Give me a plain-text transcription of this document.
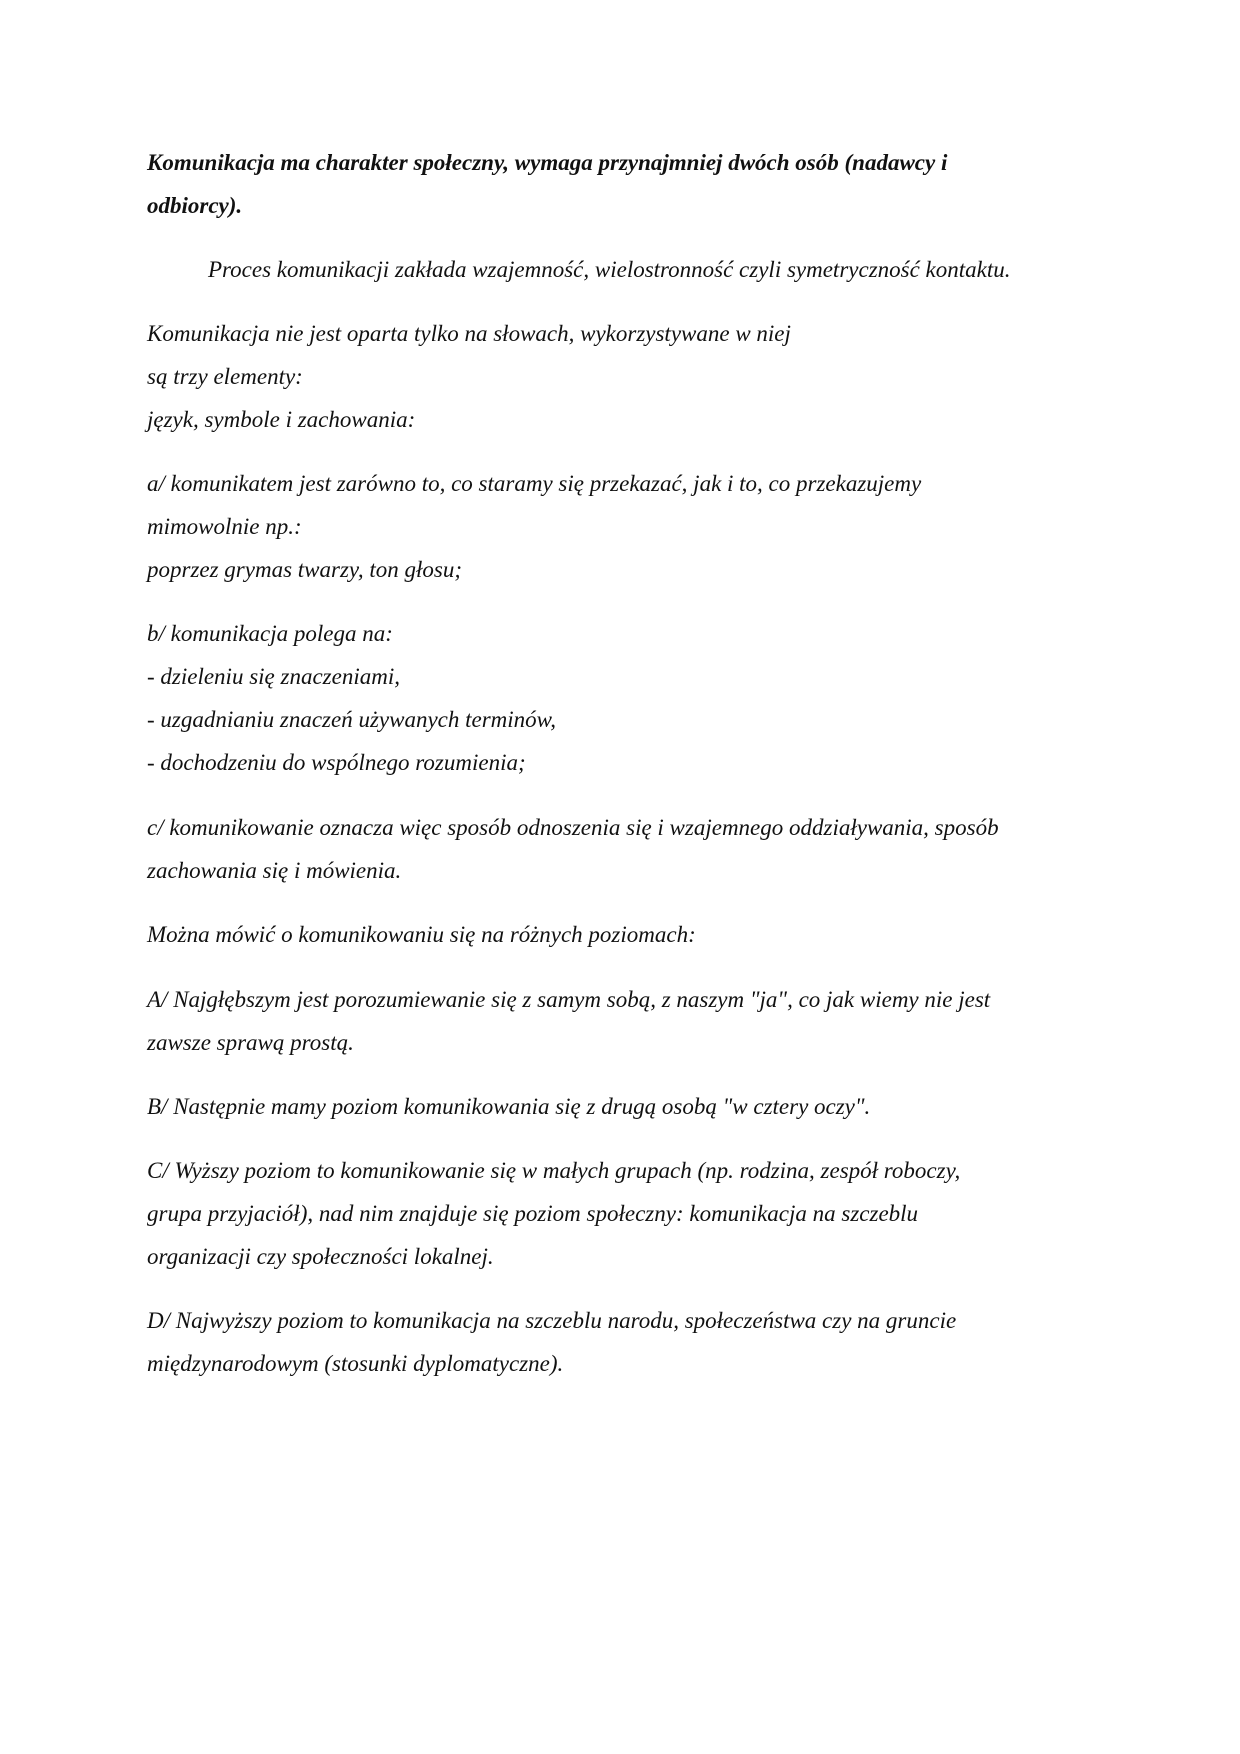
Komunikacja ma charakter społeczny, wymaga przynajmniej dwóch osób (nadawcy i
odbiorcy).

Proces komunikacji zakłada wzajemność, wielostronność czyli symetryczność kontaktu.

Komunikacja nie jest oparta tylko na słowach, wykorzystywane w niej
są trzy elementy:
język, symbole i zachowania:

a/ komunikatem jest zarówno to, co staramy się przekazać, jak i to, co przekazujemy
mimowolnie np.:
poprzez grymas twarzy, ton głosu;

b/ komunikacja polega na:
- dzieleniu się znaczeniami,
- uzgadnianiu znaczeń używanych terminów,
- dochodzeniu do wspólnego rozumienia;

c/ komunikowanie oznacza więc sposób odnoszenia się i wzajemnego oddziaływania, sposób
zachowania się i mówienia.

Można mówić o komunikowaniu się na różnych poziomach:

A/ Najgłębszym jest porozumiewanie się z samym sobą, z naszym "ja", co jak wiemy nie jest
zawsze sprawą prostą.

B/ Następnie mamy poziom komunikowania się z drugą osobą "w cztery oczy".

C/ Wyższy poziom to komunikowanie się w małych grupach (np. rodzina, zespół roboczy,
grupa przyjaciół), nad nim znajduje się poziom społeczny: komunikacja na szczeblu
organizacji czy społeczności lokalnej.

D/ Najwyższy poziom to komunikacja na szczeblu narodu, społeczeństwa czy na gruncie
międzynarodowym (stosunki dyplomatyczne).
